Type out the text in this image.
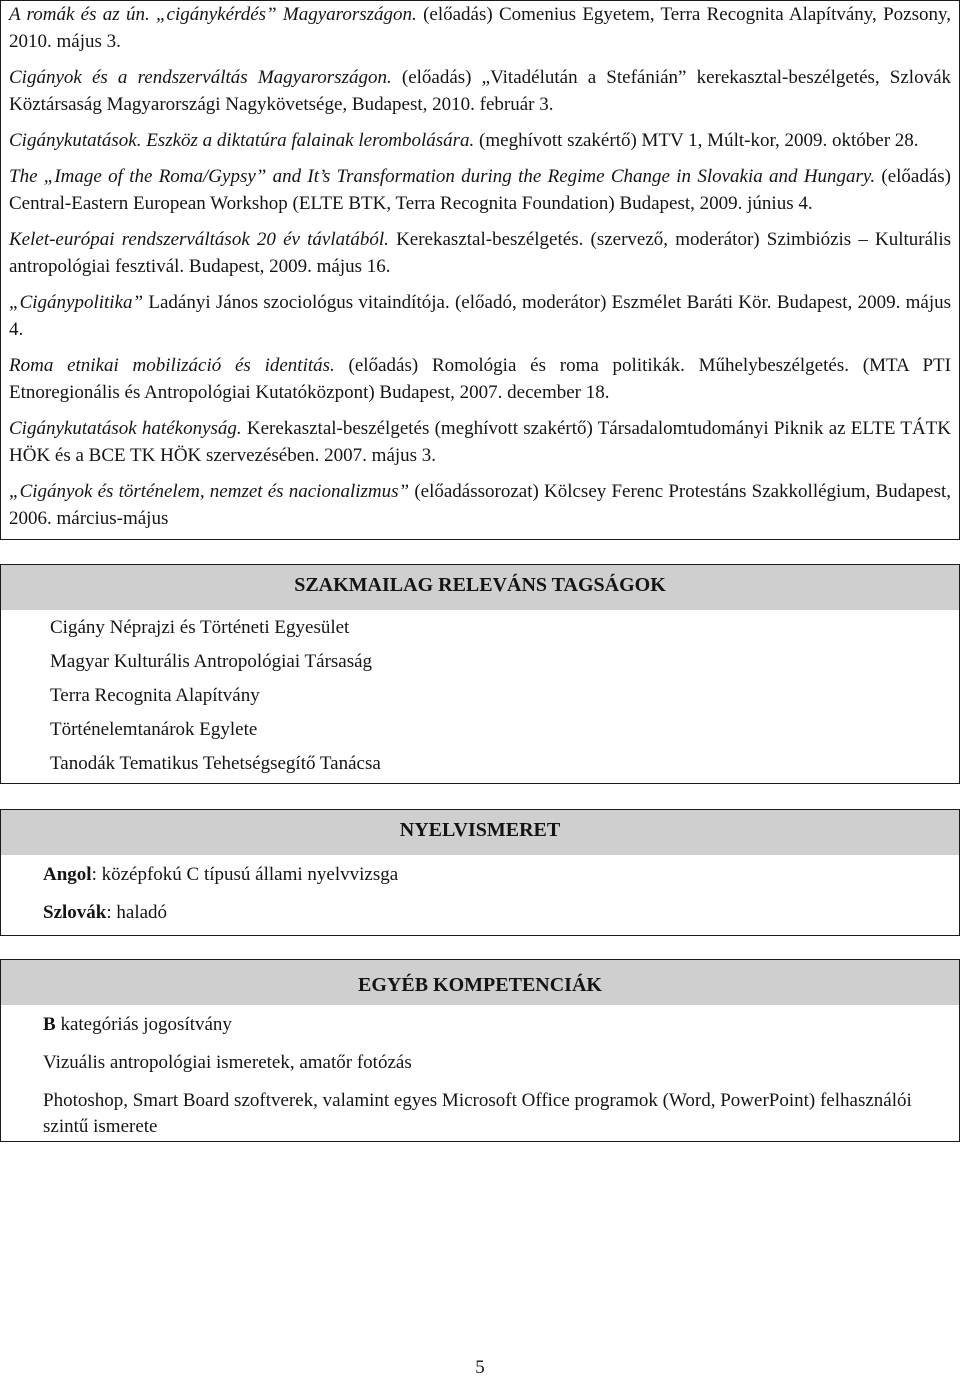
A romák és az ún. „cigánykérdés” Magyarországon. (előadás) Comenius Egyetem, Terra Recognita Alapítvány, Pozsony, 2010. május 3.

Cigányok és a rendszerváltás Magyarországon. (előadás) „Vitadélután a Stefánián” kerekasztal-beszélgetés, Szlovák Köztársaság Magyarországi Nagykövetsége, Budapest, 2010. február 3.

Cigánykutatások. Eszköz a diktatúra falainak lerombolására. (meghívott szakértő) MTV 1, Múlt-kor, 2009. október 28.

The „Image of the Roma/Gypsy” and It’s Transformation during the Regime Change in Slovakia and Hungary. (előadás) Central-Eastern European Workshop (ELTE BTK, Terra Recognita Foundation) Budapest, 2009. június 4.

Kelet-európai rendszerváltások 20 év távlatából. Kerekasztal-beszélgetés. (szervező, moderátor) Szimbiózis – Kulturális antropológiai fesztivál. Budapest, 2009. május 16.

„Cigánypolitika” Ladányi János szociológus vitaindítója. (előadó, moderátor) Eszmélet Baráti Kör. Budapest, 2009. május 4.

Roma etnikai mobilizáció és identitás. (előadás) Romológia és roma politikák. Műhelybeszélgetés. (MTA PTI Etnoregionális és Antropológiai Kutatóközpont) Budapest, 2007. december 18.

Cigánykutatások hatékonyság. Kerekasztal-beszélgetés (meghívott szakértő) Társadalomtudományi Piknik az ELTE TÁTK HÖK és a BCE TK HÖK szervezésében. 2007. május 3.

„Cigányok és történelem, nemzet és nacionalizmus” (előadássorozat) Kölcsey Ferenc Protestáns Szakkollégium, Budapest, 2006. március-május

SZAKMAILAG RELEVÁNS TAGSÁGOK
Cigány Néprajzi és Történeti Egyesület
Magyar Kulturális Antropológiai Társaság
Terra Recognita Alapítvány
Történelemtanárok Egylete
Tanodák Tematikus Tehetségsegítő Tanácsa
NYELVISMERET
Angol: középfokú C típusú állami nyelvvizsga
Szlovák: haladó
EGYÉB KOMPETENCIÁK
B kategóriás jogosítvány
Vizuális antropológiai ismeretek, amatőr fotózás
Photoshop, Smart Board szoftverek, valamint egyes Microsoft Office programok (Word, PowerPoint) felhasználói szintű ismerete
5
